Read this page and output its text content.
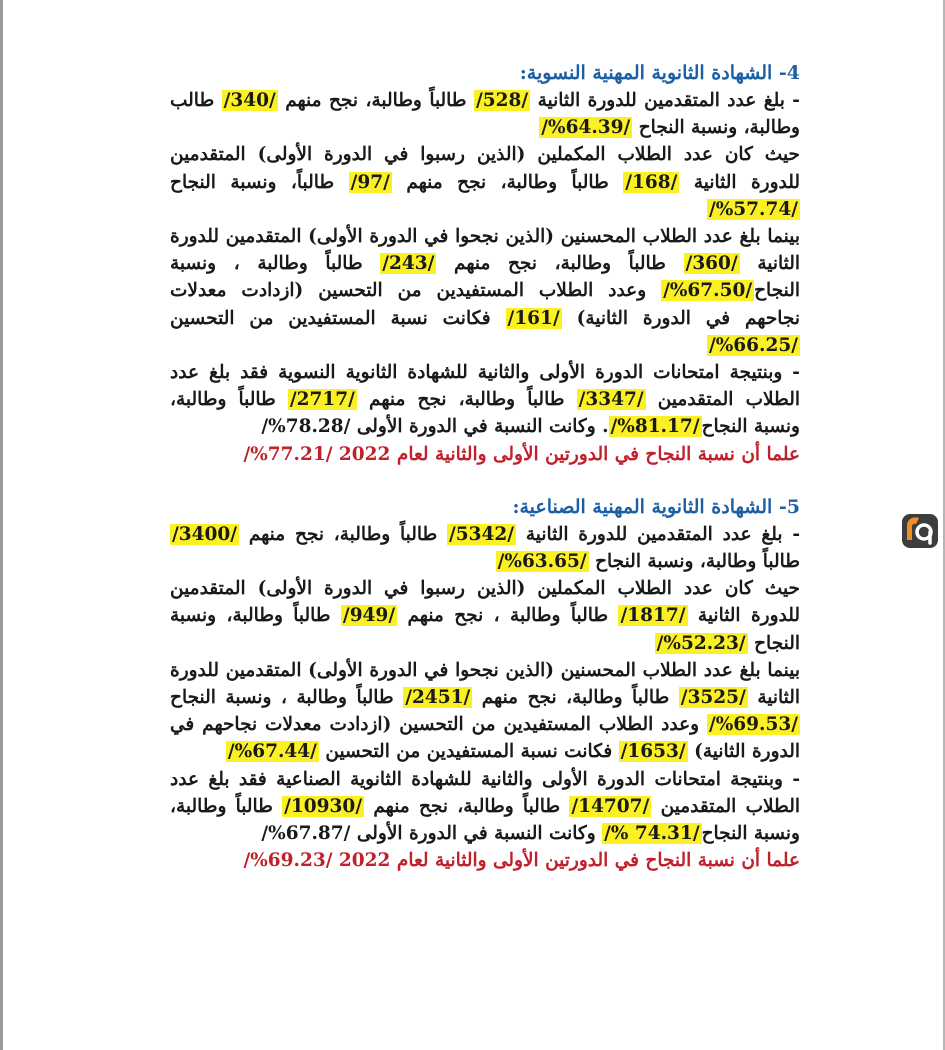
4- الشهادة الثانوية المهنية النسوية:

- بلغ عدد المتقدمين للدورة الثانية /528/ طالباً وطالبة، نجح منهم /340/ طالب وطالبة، ونسبة النجاح /64.39%/

حيث كان عدد الطلاب المكملين (الذين رسبوا في الدورة الأولى) المتقدمين للدورة الثانية /168/ طالباً وطالبة، نجح منهم /97/ طالباً، ونسبة النجاح /57.74%/

بينما بلغ عدد الطلاب المحسنين (الذين نجحوا في الدورة الأولى) المتقدمين للدورة الثانية /360/ طالباً وطالبة، نجح منهم /243/ طالباً وطالبة ، ونسبة النجاح/67.50%/ وعدد الطلاب المستفيدين من التحسين (ازدادت معدلات نجاحهم في الدورة الثانية) /161/ فكانت نسبة المستفيدين من التحسين /66.25%/

- وبنتيجة امتحانات الدورة الأولى والثانية للشهادة الثانوية النسوية فقد بلغ عدد الطلاب المتقدمين /3347/ طالباً وطالبة، نجح منهم /2717/ طالباً وطالبة، ونسبة النجاح/81.17%/. وكانت النسبة في الدورة الأولى /78.28%/

علما أن نسبة النجاح في الدورتين الأولى والثانية لعام 2022 /77.21%/

5- الشهادة الثانوية المهنية الصناعية:

- بلغ عدد المتقدمين للدورة الثانية /5342/ طالباً وطالبة، نجح منهم /3400/ طالباً وطالبة، ونسبة النجاح /63.65%/

حيث كان عدد الطلاب المكملين (الذين رسبوا في الدورة الأولى) المتقدمين للدورة الثانية /1817/ طالباً وطالبة ، نجح منهم /949/ طالباً وطالبة، ونسبة النجاح /52.23%/

بينما بلغ عدد الطلاب المحسنين (الذين نجحوا في الدورة الأولى) المتقدمين للدورة الثانية /3525/ طالباً وطالبة، نجح منهم /2451/ طالباً وطالبة ، ونسبة النجاح /69.53%/ وعدد الطلاب المستفيدين من التحسين (ازدادت معدلات نجاحهم في الدورة الثانية) /1653/ فكانت نسبة المستفيدين من التحسين /67.44%/

- وبنتيجة امتحانات الدورة الأولى والثانية للشهادة الثانوية الصناعية فقد بلغ عدد الطلاب المتقدمين /14707/ طالباً وطالبة، نجح منهم /10930/ طالباً وطالبة، ونسبة النجاح/74.31 %/ وكانت النسبة في الدورة الأولى /67.87%/

علما أن نسبة النجاح في الدورتين الأولى والثانية لعام 2022 /69.23%/
